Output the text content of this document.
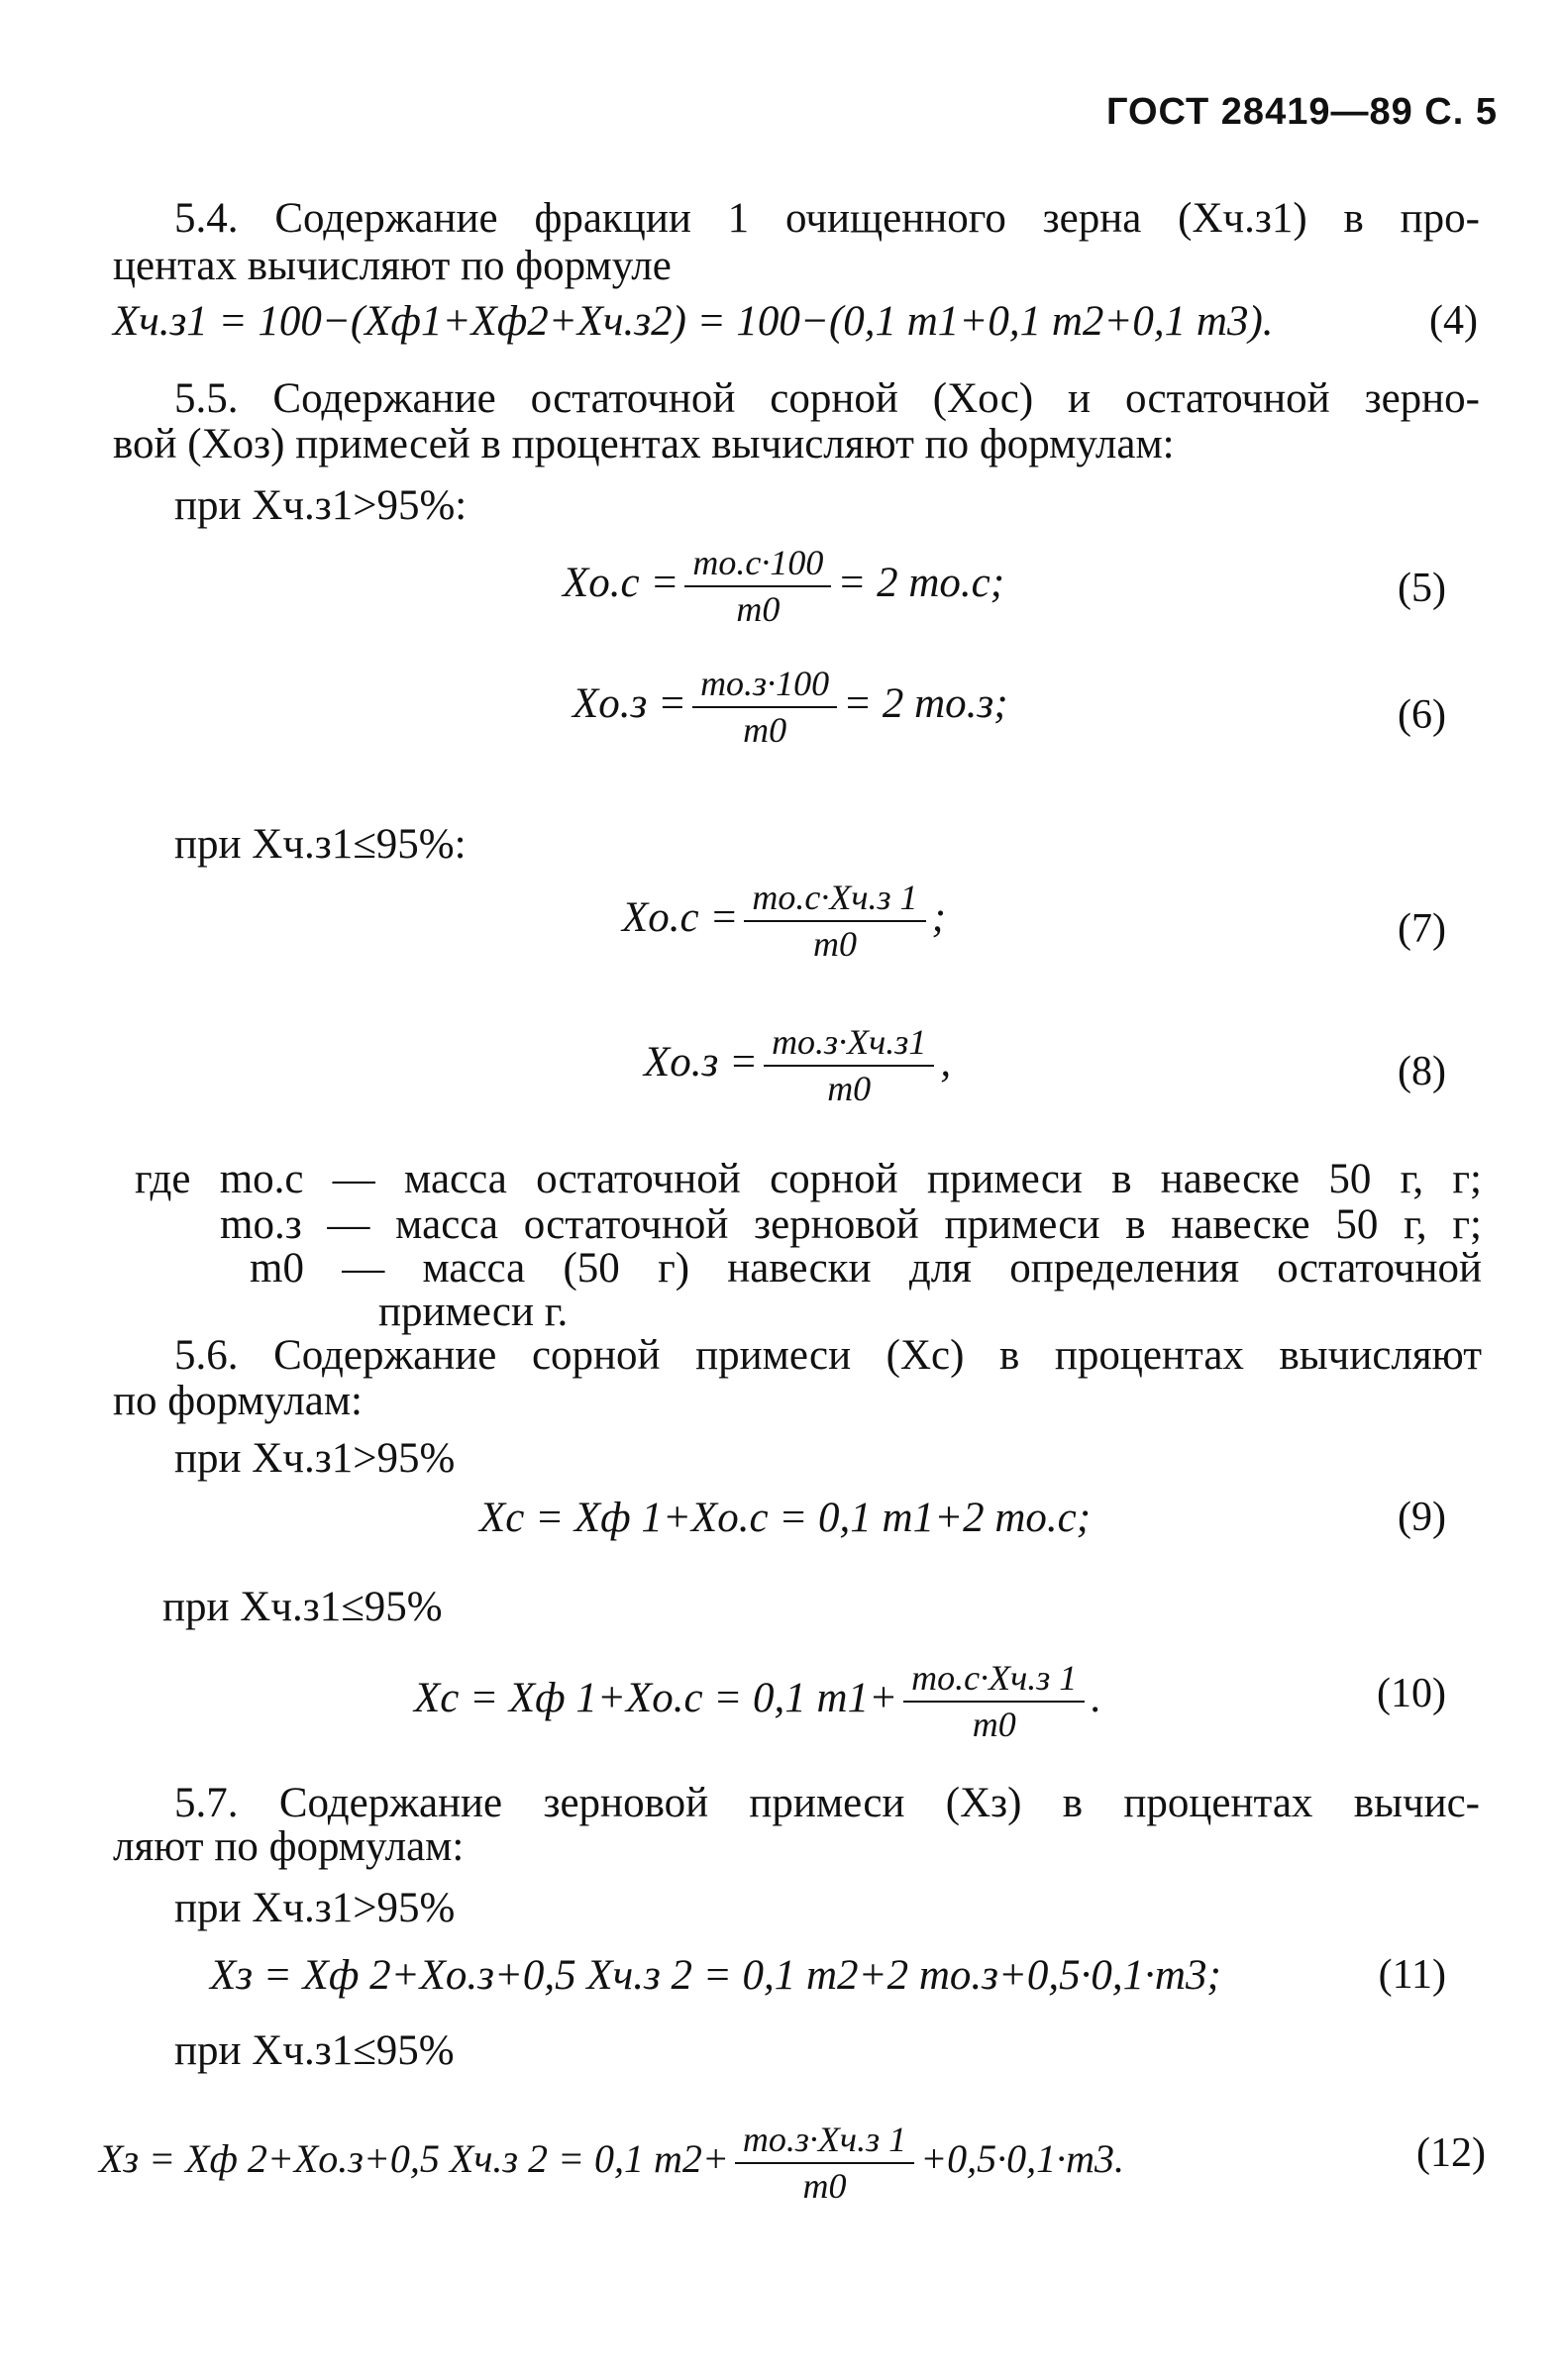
ГОСТ 28419—89 С. 5
5.4. Содержание фракции 1 очищенного зерна (Xч.з1) в про-
центах вычисляют по формуле
Xч.з1 = 100−(Xф1+Xф2+Xч.з2) = 100−(0,1 m1+0,1 m2+0,1 m3).	(4)
5.5. Содержание остаточной сорной (Xос) и остаточной зерно-
вой (Xоз) примесей в процентах вычисляют по формулам:
при Xч.з1>95%:
$Xо.с = \frac{mо.с\cdot 100}{m0} = 2$ mо.с;	(5)
$Xо.з = \frac{mо.з\cdot 100}{m0} = 2$ mо.з;	(6)
при Xч.з1≤95%:
$Xо.с = \frac{mо.с\cdot Xч.з 1}{m0}$ ;	(7)
$Xо.з = \frac{mо.з\cdot Xч.з1}{m0}$ ,	(8)
где mо.с — масса остаточной сорной примеси в навеске 50 г, г;
mо.з — масса остаточной зерновой примеси в навеске 50 г, г;
m0 — масса (50 г) навески для определения остаточной
примеси г.
5.6. Содержание сорной примеси (Xс) в процентах вычисляют
по формулам:
при Xч.з1>95%
Xс = Xф 1+Xо.с = 0,1 m1+2 mо.с;	(9)
при Xч.з1≤95%
Xс = Xф 1+Xо.с = 0,1 $m1+ \frac{mо.с\cdot Xч.з 1}{m0}$ .	(10)
5.7. Содержание зерновой примеси (Xз) в процентах вычис-
ляют по формулам:
при Xч.з1>95%
Xз = Xф 2+Xо.з+0,5 Xч.з 2 = 0,1 m2+2 mо.з+0,5·0,1·m3;	(11)
при Xч.з1≤95%
Xз = Xф 2+Xо.з+0,5 Xч.з 2 = 0,1 $m2+ \frac{mо.з\cdot Xч.з 1}{m0} +0,5\cdot 0,1\cdot m3$.	(12)
